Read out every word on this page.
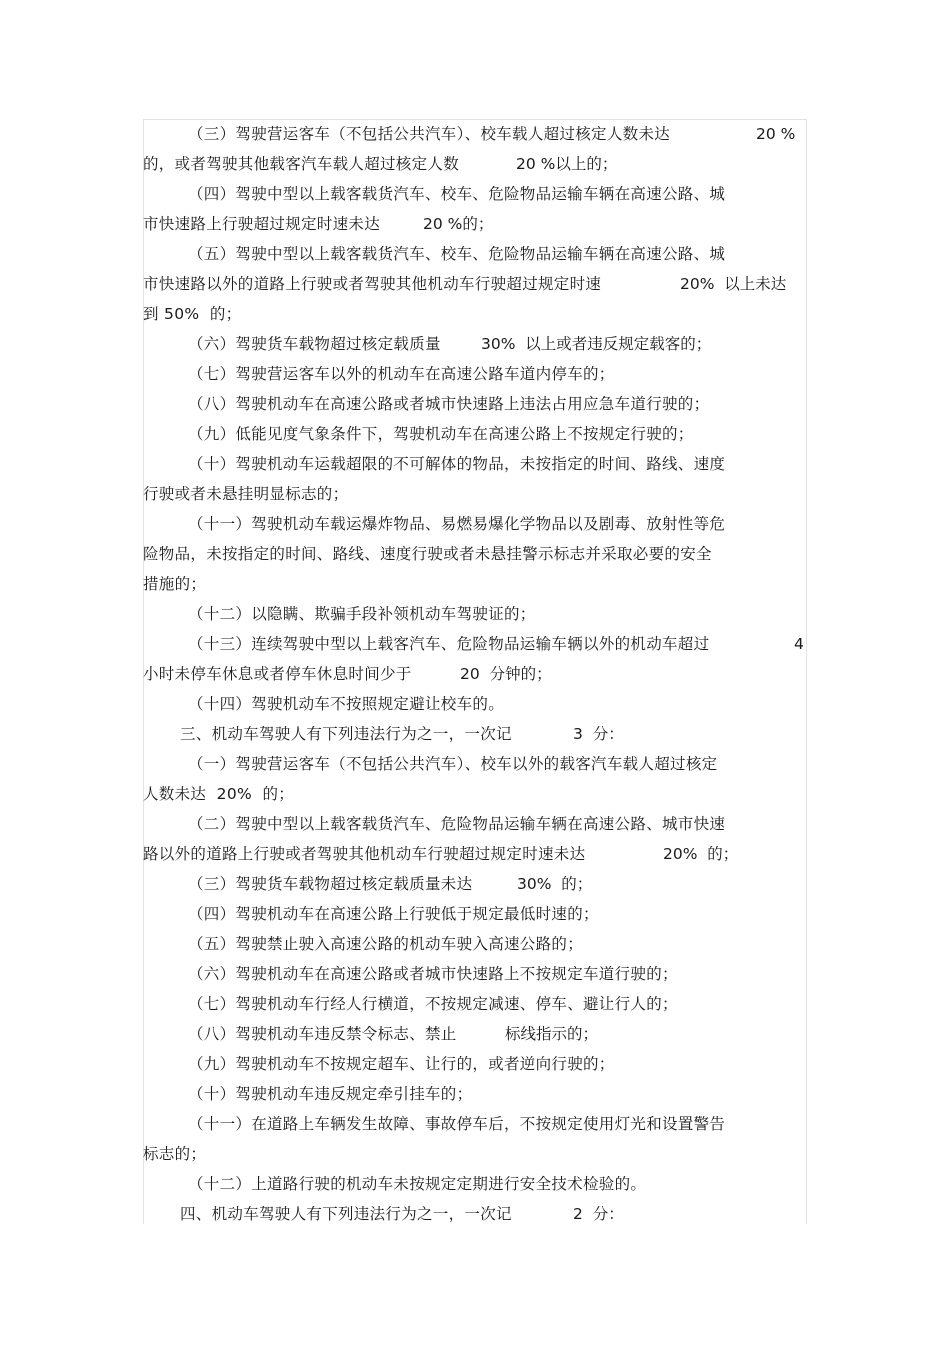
（三）驾驶营运客车（不包括公共汽车）、校车载人超过核定人数未达	20 %
的，或者驾驶其他载客汽车载人超过核定人数	20 %以上的；
（四）驾驶中型以上载客载货汽车、校车、危险物品运输车辆在高速公路、城
市快速路上行驶超过规定时速未达	20 %的；
（五）驾驶中型以上载客载货汽车、校车、危险物品运输车辆在高速公路、城
市快速路以外的道路上行驶或者驾驶其他机动车行驶超过规定时速	20%  以上未达
到 50%  的；
（六）驾驶货车载物超过核定载质量	30%  以上或者违反规定载客的；
（七）驾驶营运客车以外的机动车在高速公路车道内停车的；
（八）驾驶机动车在高速公路或者城市快速路上违法占用应急车道行驶的；
（九）低能见度气象条件下，驾驶机动车在高速公路上不按规定行驶的；
（十）驾驶机动车运载超限的不可解体的物品，未按指定的时间、路线、速度
行驶或者未悬挂明显标志的；
（十一）驾驶机动车载运爆炸物品、易燃易爆化学物品以及剧毒、放射性等危
险物品，未按指定的时间、路线、速度行驶或者未悬挂警示标志并采取必要的安全
措施的；
（十二）以隐瞒、欺骗手段补领机动车驾驶证的；
（十三）连续驾驶中型以上载客汽车、危险物品运输车辆以外的机动车超过	4
小时未停车休息或者停车休息时间少于	20  分钟的；
（十四）驾驶机动车不按照规定避让校车的。
三、机动车驾驶人有下列违法行为之一，一次记	3  分：
（一）驾驶营运客车（不包括公共汽车）、校车以外的载客汽车载人超过核定
人数未达  20%  的；
（二）驾驶中型以上载客载货汽车、危险物品运输车辆在高速公路、城市快速
路以外的道路上行驶或者驾驶其他机动车行驶超过规定时速未达	20%  的；
（三）驾驶货车载物超过核定载质量未达	30%  的；
（四）驾驶机动车在高速公路上行驶低于规定最低时速的；
（五）驾驶禁止驶入高速公路的机动车驶入高速公路的；
（六）驾驶机动车在高速公路或者城市快速路上不按规定车道行驶的；
（七）驾驶机动车行经人行横道，不按规定减速、停车、避让行人的；
（八）驾驶机动车违反禁令标志、禁止	标线指示的；
（九）驾驶机动车不按规定超车、让行的，或者逆向行驶的；
（十）驾驶机动车违反规定牵引挂车的；
（十一）在道路上车辆发生故障、事故停车后，不按规定使用灯光和设置警告
标志的；
（十二）上道路行驶的机动车未按规定定期进行安全技术检验的。
四、机动车驾驶人有下列违法行为之一，一次记	2  分：
